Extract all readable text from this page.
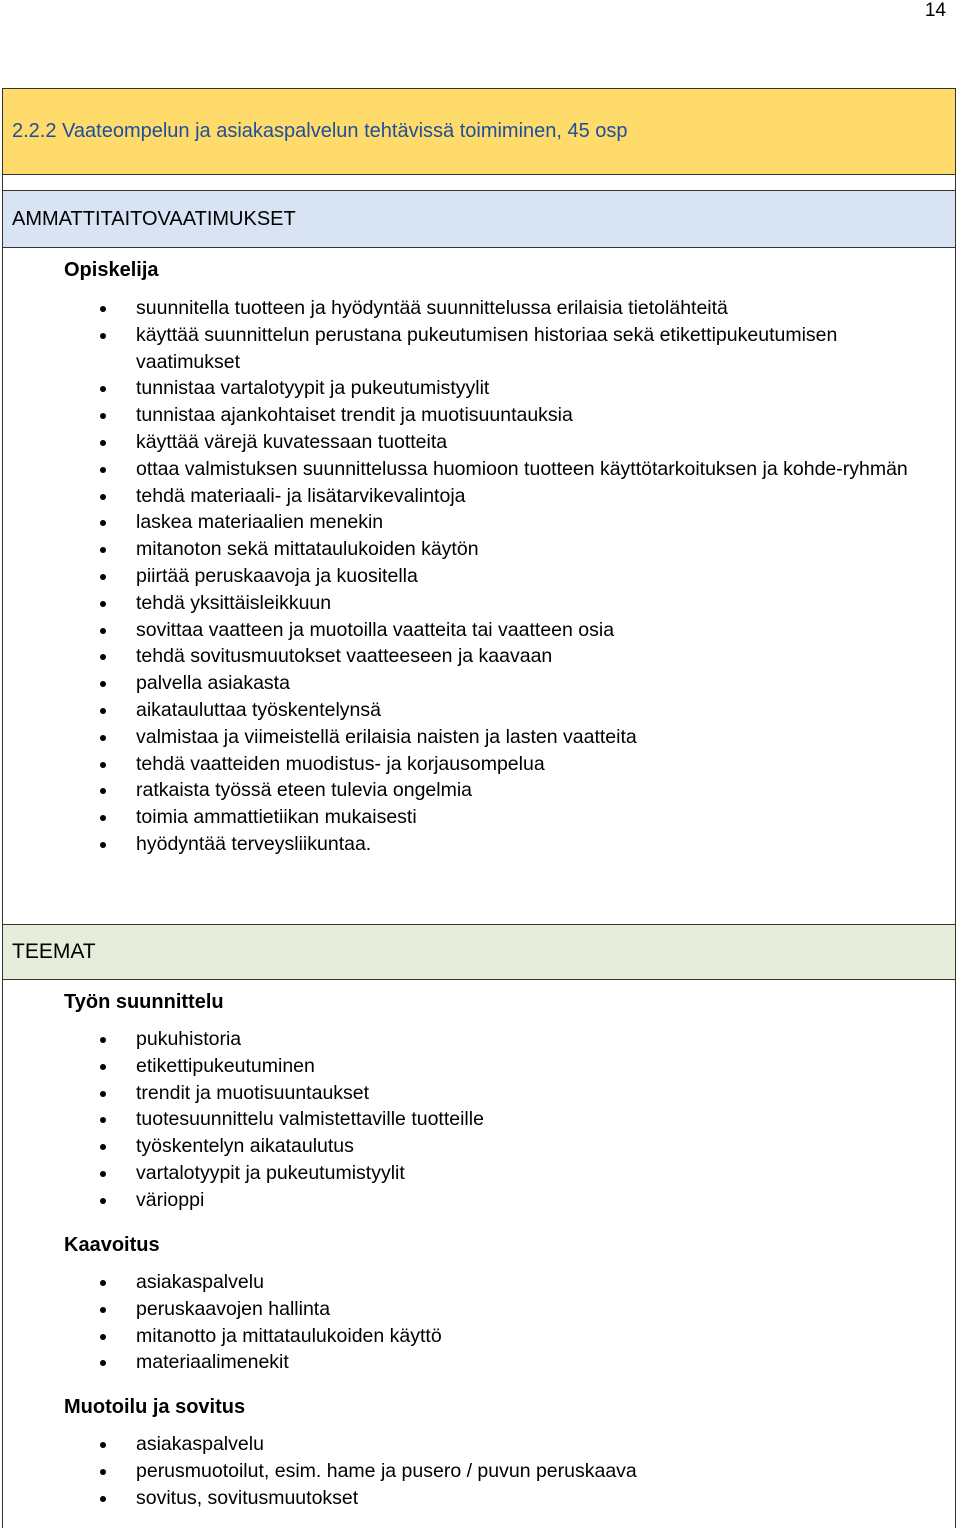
14
2.2.2 Vaateompelun ja asiakaspalvelun tehtävissä toimiminen, 45 osp
AMMATTITAITOVAATIMUKSET
TEEMAT
Opiskelija
suunnitella tuotteen ja hyödyntää suunnittelussa erilaisia tietolähteitä
käyttää suunnittelun perustana pukeutumisen historiaa sekä etikettipukeutumisen vaatimukset
tunnistaa vartalotyypit ja pukeutumistyylit
tunnistaa ajankohtaiset trendit ja muotisuuntauksia
käyttää värejä kuvatessaan tuotteita
ottaa valmistuksen suunnittelussa huomioon tuotteen käyttötarkoituksen ja kohde-ryhmän
tehdä materiaali- ja lisätarvikevalintoja
laskea materiaalien menekin
mitanoton sekä mittataulukoiden käytön
piirtää peruskaavoja ja kuositella
tehdä yksittäisleikkuun
sovittaa vaatteen ja muotoilla vaatteita tai vaatteen osia
tehdä sovitusmuutokset vaatteeseen ja kaavaan
palvella asiakasta
aikatauluttaa työskentelynsä
valmistaa ja viimeistellä erilaisia naisten ja lasten vaatteita
tehdä vaatteiden muodistus- ja korjausompelua
ratkaista työssä eteen tulevia ongelmia
toimia ammattietiikan mukaisesti
hyödyntää terveysliikuntaa.
Työn suunnittelu
pukuhistoria
etikettipukeutuminen
trendit ja muotisuuntaukset
tuotesuunnittelu valmistettaville tuotteille
työskentelyn aikataulutus
vartalotyypit ja pukeutumistyylit
värioppi
Kaavoitus
asiakaspalvelu
peruskaavojen hallinta
mitanotto ja mittataulukoiden käyttö
materiaalimenekit
Muotoilu ja sovitus
asiakaspalvelu
perusmuotoilut, esim. hame ja pusero / puvun peruskaava
sovitus, sovitusmuutokset
